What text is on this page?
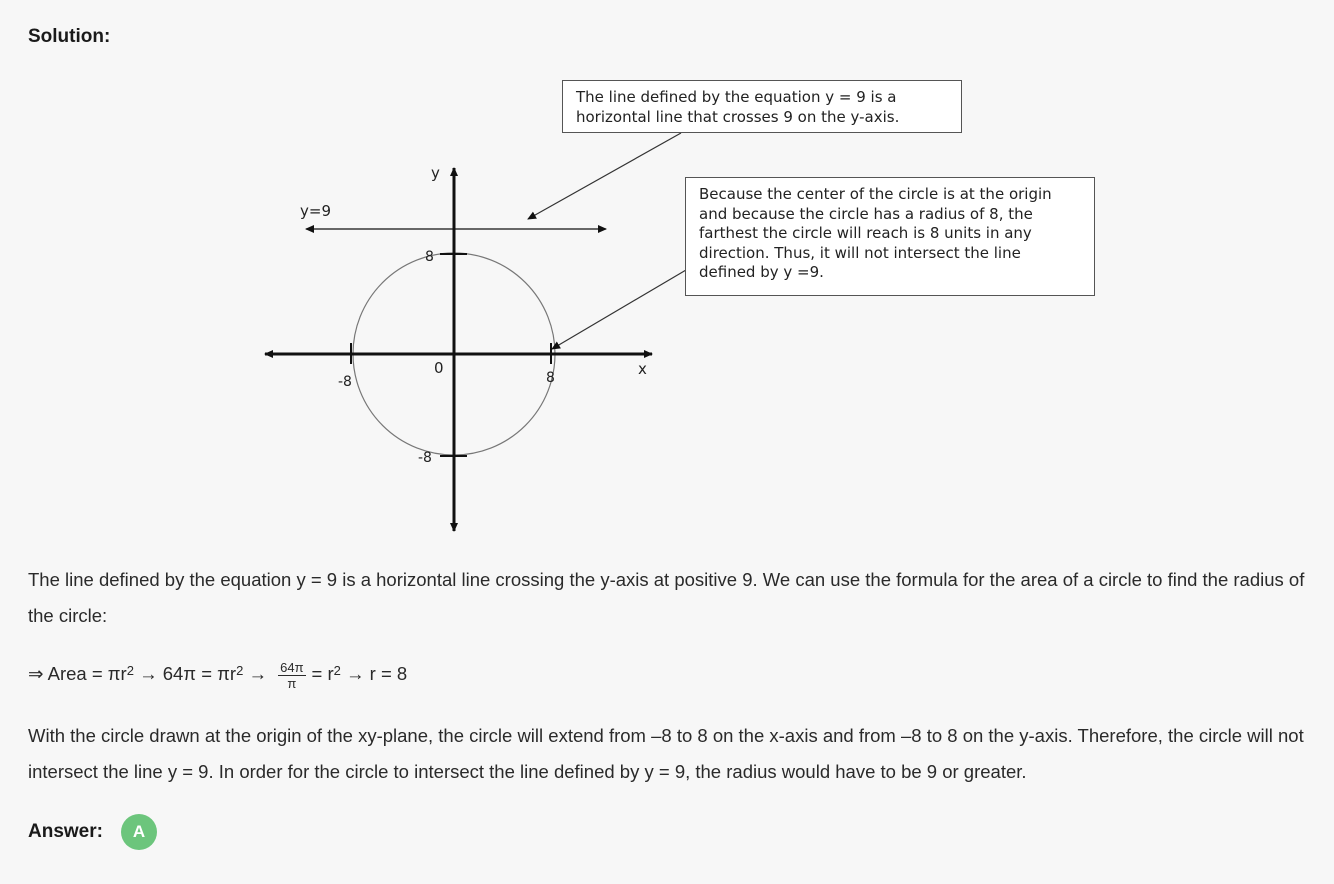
Solution:
y
x
0
y=9
8
-8
-8	8
The line defined by the equation y = 9 is a horizontal line that crosses 9 on the y-axis.
Because the center of the circle is at the origin and because the circle has a radius of 8, the farthest the circle will reach is 8 units in any direction. Thus, it will not intersect the line defined by y =9.
The line defined by the equation y = 9 is a horizontal line crossing the y-axis at positive 9. We can use the formula for the area of a circle to find the radius of the circle:
⇒ Area = $\pi r^2 \to 64\pi = \pi r^2 \to \frac{64\pi}{\pi} = r^2 \to r = 8$
With the circle drawn at the origin of the xy-plane, the circle will extend from –8 to 8 on the x-axis and from –8 to 8 on the y-axis. Therefore, the circle will not intersect the line y = 9. In order for the circle to intersect the line defined by y = 9, the radius would have to be 9 or greater.
Answer:	A
